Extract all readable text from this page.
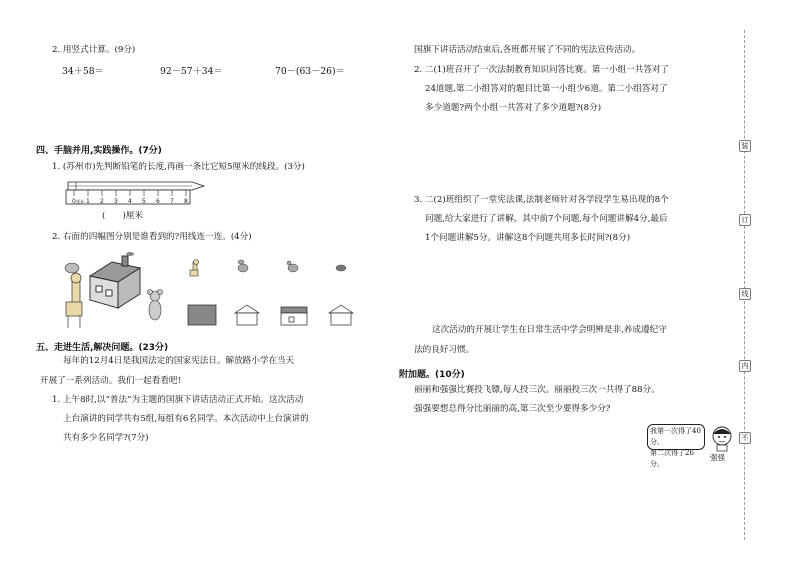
2. 用竖式计算。(9分)
34＋58＝	92－57＋34＝	70－(63－26)＝
四、手脑并用,实践操作。(7分)
1. (苏州市)先判断铅笔的长度,再画一条比它短5厘米的线段。(3分)
0 1 2 3 4 5 6 7 8
厘米
(　　)厘米
2. 右面的四幅图分别是谁看到的?用线连一连。(4分)
五、走进生活,解决问题。(23分)
每年的12月4日是我国法定的国家宪法日。解放路小学在当天
开展了一系列活动。我们一起看看吧!
1. 上午8时,以“普法”为主题的国旗下讲话活动正式开始。这次活动
上台演讲的同学共有5组,每组有6名同学。本次活动中上台演讲的
共有多少名同学?(7分)
国旗下讲话活动结束后,各班都开展了不同的宪法宣传活动。
2. 二(1)班召开了一次法制教育知识问答比赛。第一小组一共答对了
24道题,第二小组答对的题目比第一小组少6道。第二小组答对了
多少道题?两个小组一共答对了多少道题?(8分)
3. 二(2)班组织了一堂宪法课,法制老师针对各学段学生易出现的8个
问题,给大家进行了讲解。其中前7个问题,每个问题讲解4分,最后
1个问题讲解5分。讲解这8个问题共用多长时间?(8分)
这次活动的开展让学生在日常生活中学会明辨是非,养成遵纪守
法的良好习惯。
附加题。(10分)
丽丽和强强比赛投飞镖,每人投三次。丽丽投三次一共得了88分。
强强要想总得分比丽丽的高,第三次至少要得多少分?
我第一次得了40分,
第二次得了26分。
强强
装
订
线
内
不
